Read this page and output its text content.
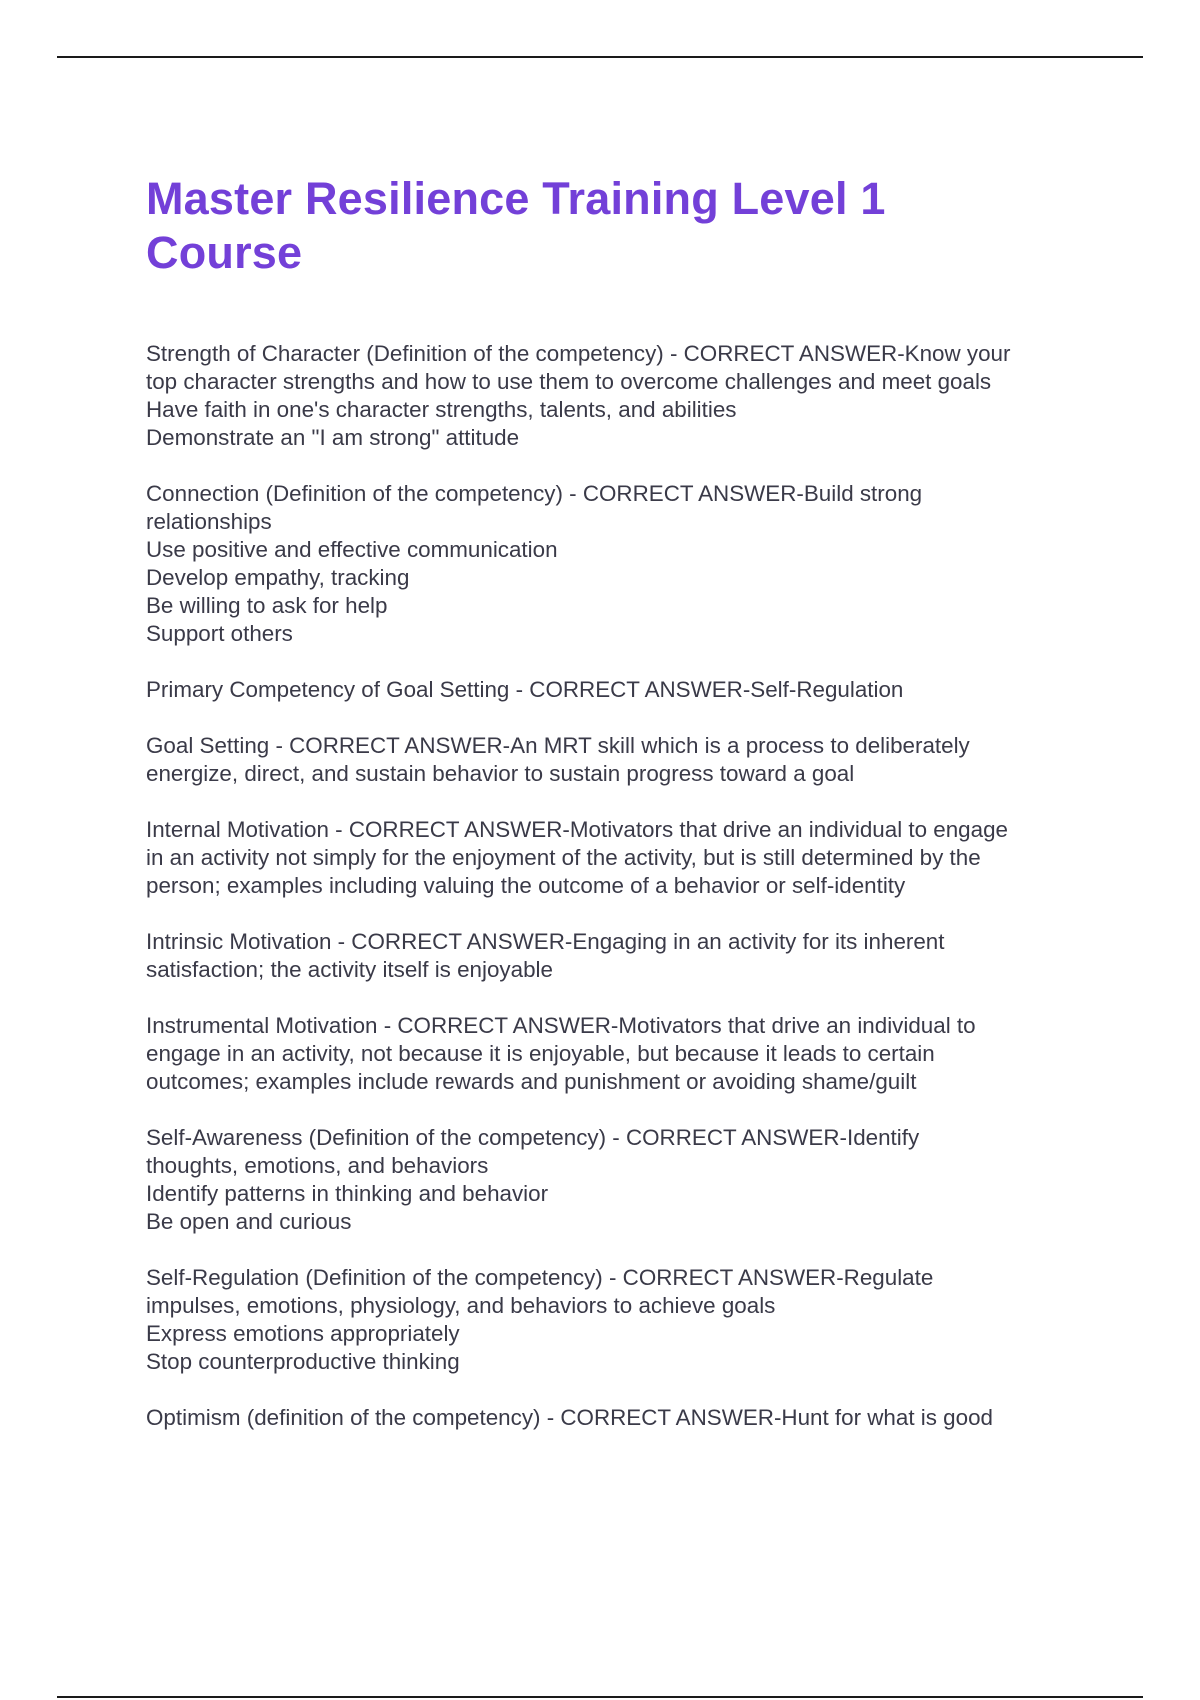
Master Resilience Training Level 1
Course

Strength of Character (Definition of the competency) - CORRECT ANSWER-Know your
top character strengths and how to use them to overcome challenges and meet goals
Have faith in one's character strengths, talents, and abilities
Demonstrate an "I am strong" attitude

Connection (Definition of the competency) - CORRECT ANSWER-Build strong
relationships
Use positive and effective communication
Develop empathy, tracking
Be willing to ask for help
Support others

Primary Competency of Goal Setting - CORRECT ANSWER-Self-Regulation

Goal Setting - CORRECT ANSWER-An MRT skill which is a process to deliberately
energize, direct, and sustain behavior to sustain progress toward a goal

Internal Motivation - CORRECT ANSWER-Motivators that drive an individual to engage
in an activity not simply for the enjoyment of the activity, but is still determined by the
person; examples including valuing the outcome of a behavior or self-identity

Intrinsic Motivation - CORRECT ANSWER-Engaging in an activity for its inherent
satisfaction; the activity itself is enjoyable

Instrumental Motivation - CORRECT ANSWER-Motivators that drive an individual to
engage in an activity, not because it is enjoyable, but because it leads to certain
outcomes; examples include rewards and punishment or avoiding shame/guilt

Self-Awareness (Definition of the competency) - CORRECT ANSWER-Identify
thoughts, emotions, and behaviors
Identify patterns in thinking and behavior
Be open and curious

Self-Regulation (Definition of the competency) - CORRECT ANSWER-Regulate
impulses, emotions, physiology, and behaviors to achieve goals
Express emotions appropriately
Stop counterproductive thinking

Optimism (definition of the competency) - CORRECT ANSWER-Hunt for what is good
